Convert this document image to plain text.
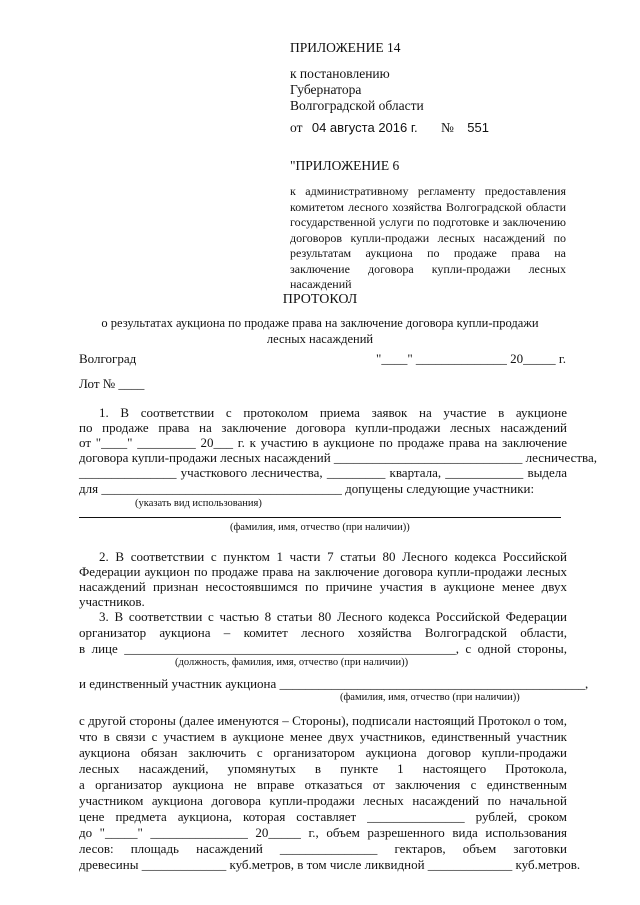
ПРИЛОЖЕНИЕ 14
к постановлению
Губернатора
Волгоградской области
от 04 августа 2016 г. № 551
"ПРИЛОЖЕНИЕ 6
к административному регламенту предоставления комитетом лесного хозяйства Волгоградской области государственной услуги по подготовке и заключению договоров купли-продажи лесных насаждений по результатам аукциона по продаже права на заключение договора купли-продажи лесных насаждений
ПРОТОКОЛ
о результатах аукциона по продаже права на заключение договора купли-продажи
лесных насаждений
Волгоград	"____" ______________ 20_____ г.
Лот № ____
1. В соответствии с протоколом приема заявок на участие в аукционе
по продаже права на заключение договора купли-продажи лесных насаждений
от "____" _________ 20___ г. к участию в аукционе по продаже права на заключение
договора купли-продажи лесных насаждений _____________________________ лесничества,
_______________ участкового лесничества, _________ квартала, ____________ выдела
для _____________________________________ допущены следующие участники:
(указать вид использования)
(фамилия, имя, отчество (при наличии))
2. В соответствии с пунктом 1 части 7 статьи 80 Лесного кодекса Российской
Федерации аукцион по продаже права на заключение договора купли-продажи лесных
насаждений признан несостоявшимся по причине участия в аукционе менее двух
участников.
3. В соответствии с частью 8 статьи 80 Лесного кодекса Российской Федерации
организатор аукциона – комитет лесного хозяйства Волгоградской области,
в лице ___________________________________________________, с одной стороны,
(должность, фамилия, имя, отчество (при наличии))
и единственный участник аукциона _______________________________________________,
(фамилия, имя, отчество (при наличии))
с другой стороны (далее именуются – Стороны), подписали настоящий Протокол о том,
что в связи с участием в аукционе менее двух участников, единственный участник
аукциона обязан заключить с организатором аукциона договор купли-продажи
лесных насаждений, упомянутых в пункте 1 настоящего Протокола,
а организатор аукциона не вправе отказаться от заключения с единственным
участником аукциона договора купли-продажи лесных насаждений по начальной
цене предмета аукциона, которая составляет _______________ рублей, сроком
до "_____" _______________ 20_____ г., объем разрешенного вида использования
лесов: площадь насаждений _______________ гектаров, объем заготовки
древесины _____________ куб.метров, в том числе ликвидной _____________ куб.метров.
